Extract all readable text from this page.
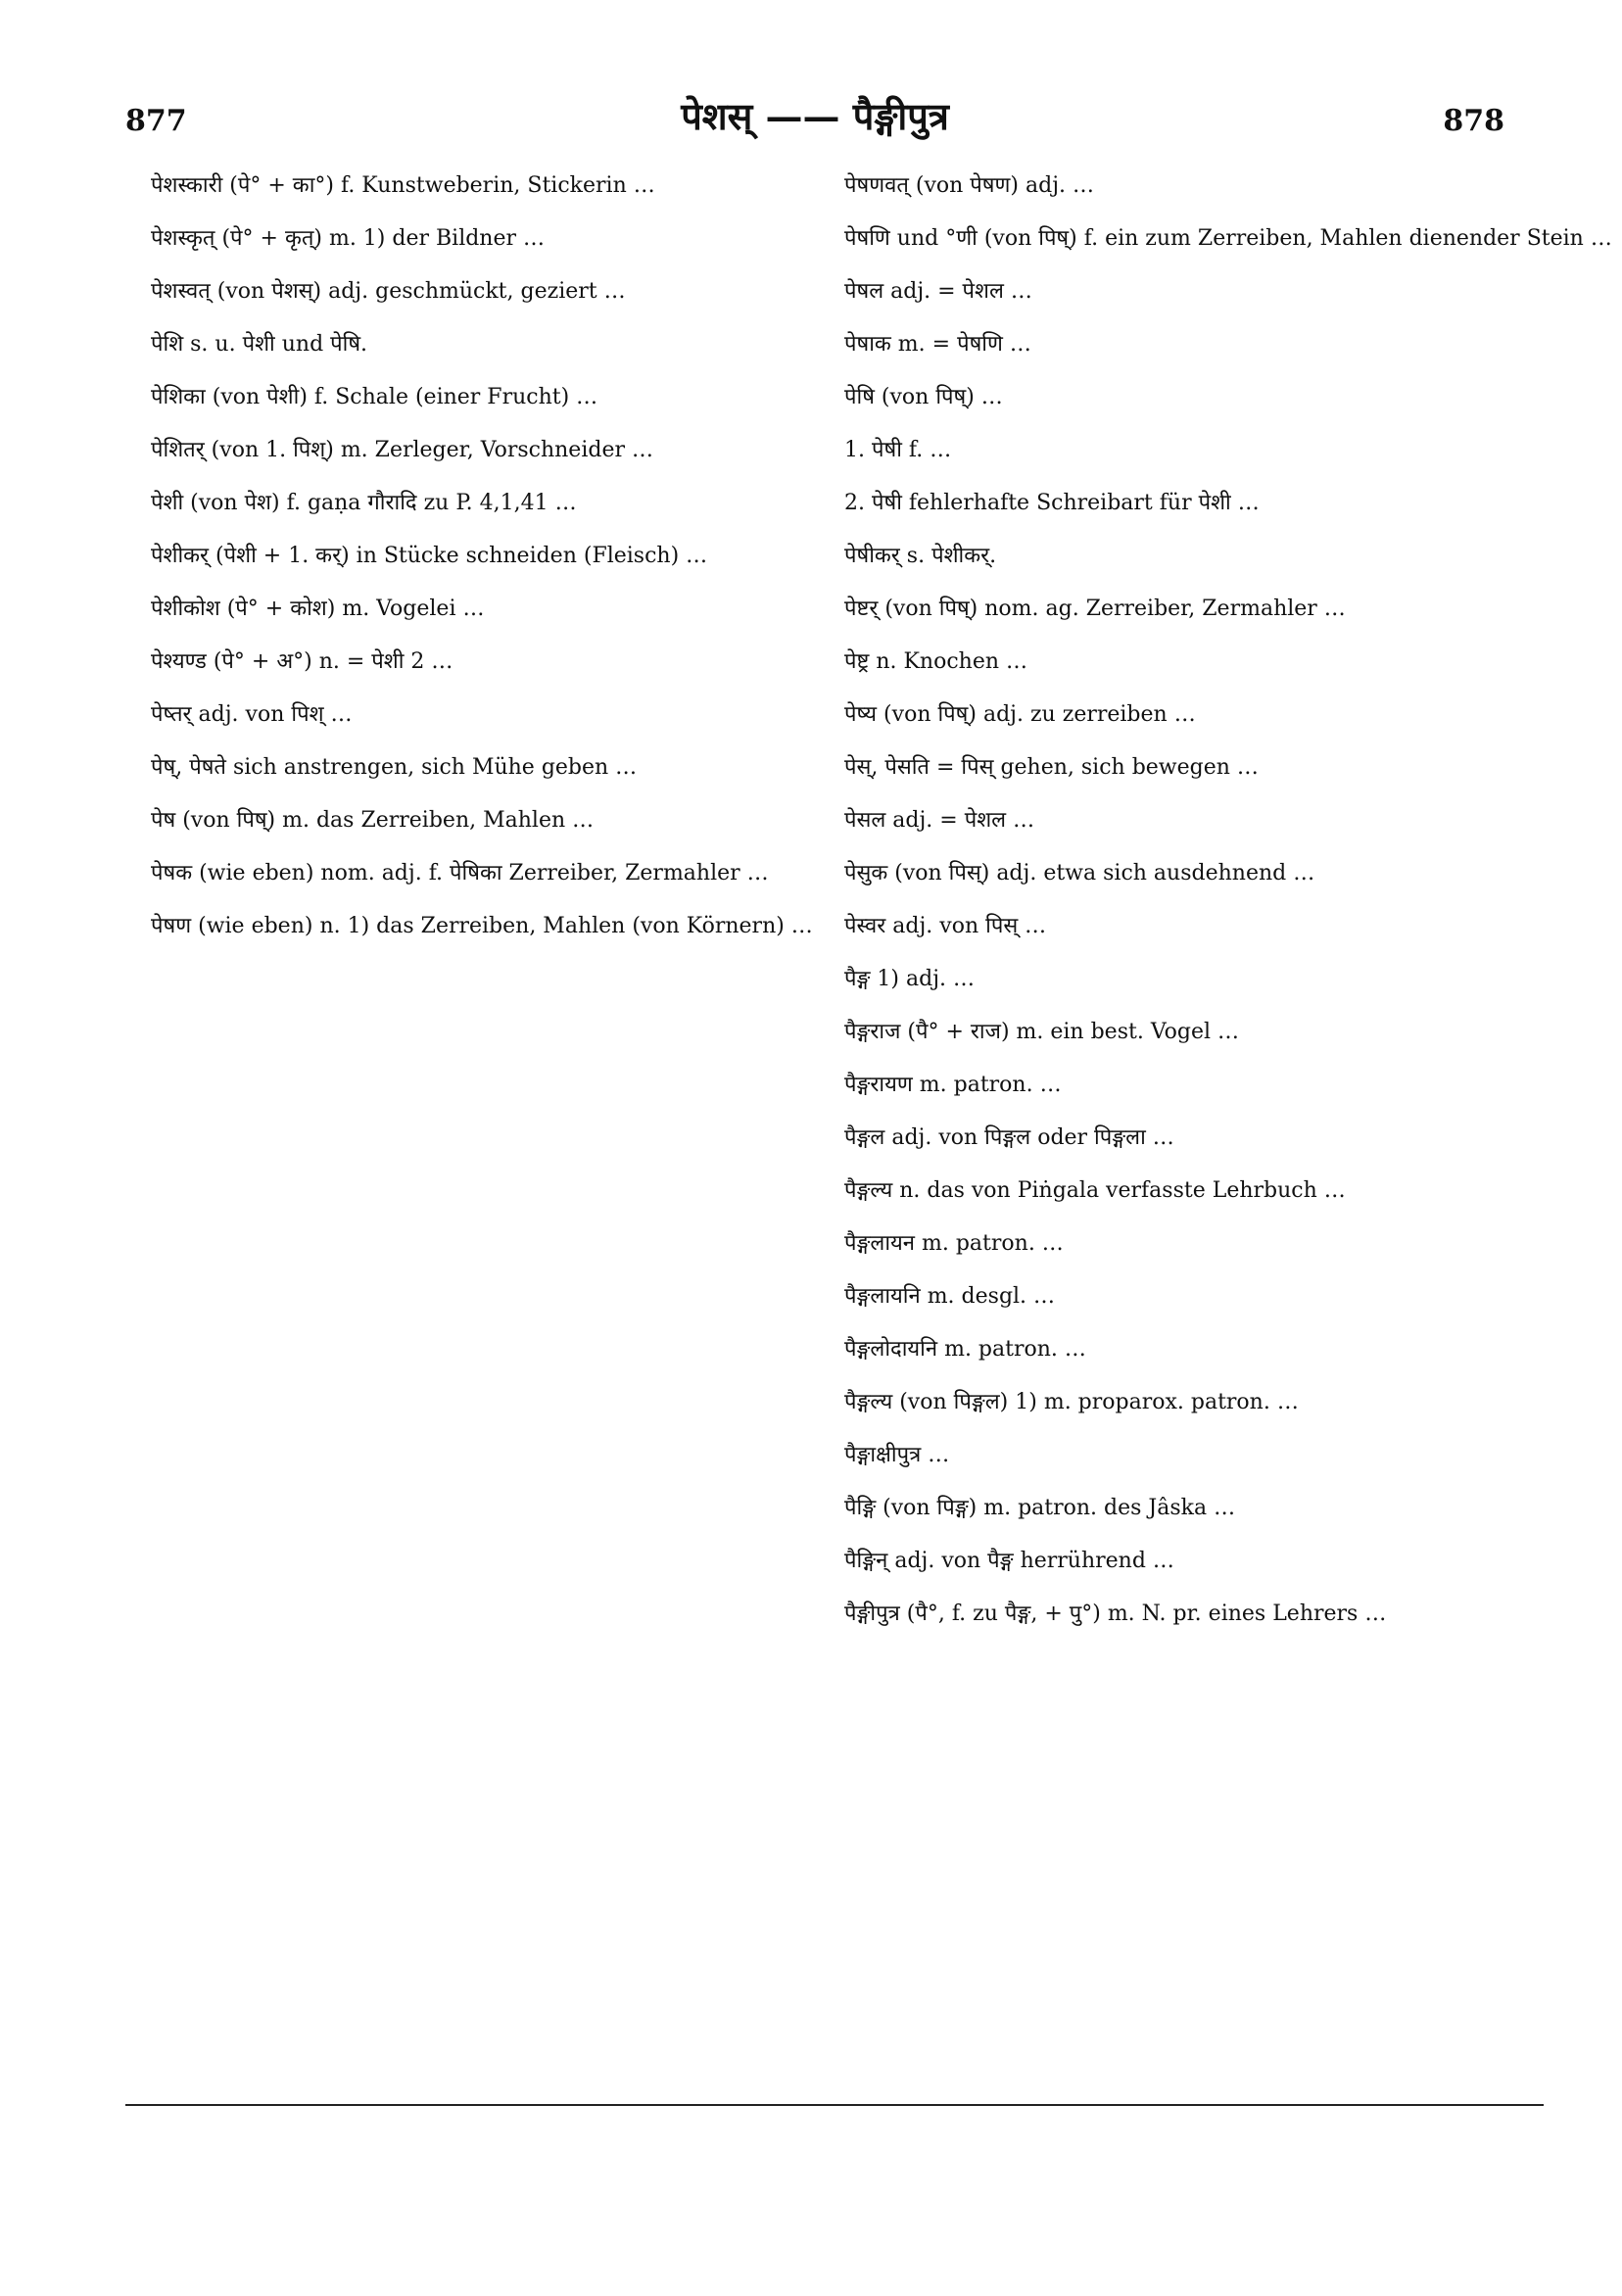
877	पेशस् —— पैङ्गीपुत्र	878

पेशस्कारी (पे° + का°) f. Kunstweberin, Stickerin …

पेशस्कृत् (पे° + कृत्) m. 1) der Bildner …

पेशस्वत् (von पेशस्) adj. geschmückt, geziert …

पेशि s. u. पेशी und पेषि.

पेशिका (von पेशी) f. Schale (einer Frucht) …

पेशितर् (von 1. पिश्) m. Zerleger, Vorschneider …

पेशी (von पेश) f. gaṇa गौरादि zu P. 4,1,41 …

पेशीकर् (पेशी + 1. कर्) in Stücke schneiden (Fleisch) …

पेशीकोश (पे° + कोश) m. Vogelei …

पेश्यण्ड (पे° + अ°) n. = पेशी 2 …

पेष्तर् adj. von पिश् …

पेष्, पेषते sich anstrengen, sich Mühe geben …

पेष (von पिष्) m. das Zerreiben, Mahlen …

पेषक (wie eben) nom. adj. f. पेषिका Zerreiber, Zermahler …

पेषण (wie eben) n. 1) das Zerreiben, Mahlen (von Körnern) …

पेषणवत् (von पेषण) adj. …

पेषणि und °णी (von पिष्) f. ein zum Zerreiben, Mahlen dienender Stein …

पेषल adj. = पेशल …

पेषाक m. = पेषणि …

पेषि (von पिष्) …

1. पेषी f. …

2. पेषी fehlerhafte Schreibart für पेशी …

पेषीकर् s. पेशीकर्.

पेष्टर् (von पिष्) nom. ag. Zerreiber, Zermahler …

पेष्ट्र n. Knochen …

पेष्य (von पिष्) adj. zu zerreiben …

पेस्, पेसति = पिस् gehen, sich bewegen …

पेसल adj. = पेशल …

पेसुक (von पिस्) adj. etwa sich ausdehnend …

पेस्वर adj. von पिस् …

पैङ्ग 1) adj. …

पैङ्गराज (पै° + राज) m. ein best. Vogel …

पैङ्गरायण m. patron. …

पैङ्गल adj. von पिङ्गल oder पिङ्गला …

पैङ्गल्य n. das von Piṅgala verfasste Lehrbuch …

पैङ्गलायन m. patron. …

पैङ्गलायनि m. desgl. …

पैङ्गलोदायनि m. patron. …

पैङ्गल्य (von पिङ्गल) 1) m. proparox. patron. …

पैङ्गाक्षीपुत्र …

पैङ्गि (von पिङ्ग) m. patron. des Jâska …

पैङ्गिन् adj. von पैङ्ग herrührend …

पैङ्गीपुत्र (पै°, f. zu पैङ्ग, + पु°) m. N. pr. eines Lehrers …
